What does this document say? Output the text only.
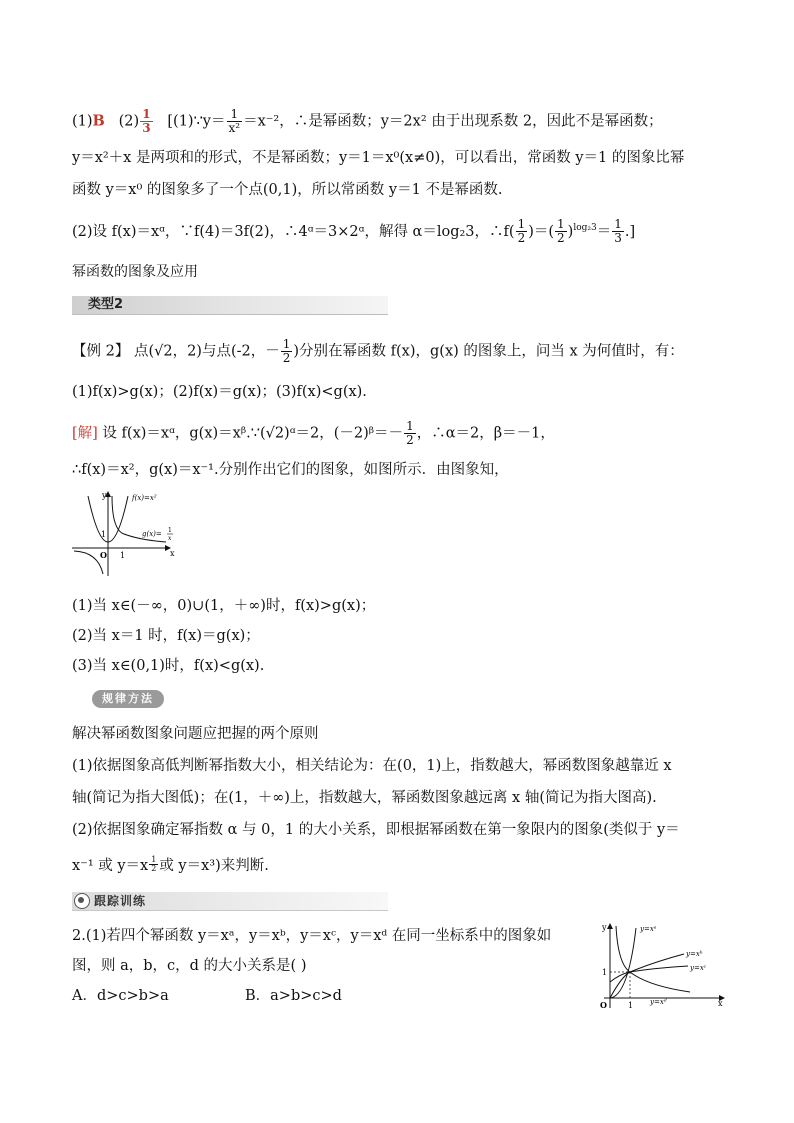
(1)B $(2) \frac{1}{3}$ [(1)∵y＝ $\frac{1}{\text{x²}} =x^{-2}$，∴是幂函数；y＝2x² 由于出现系数 2，因此不是幂函数；
y＝x²＋x 是两项和的形式，不是幂函数；y＝1＝x⁰(x≠0)，可以看出，常函数 y＝1 的图象比幂
函数 y＝x⁰ 的图象多了一个点(0,1)，所以常函数 y＝1 不是幂函数.
(2)设 f(x)＝xᵅ，∵f(4)＝3f(2)，∴4ᵅ＝3×2ᵅ，解得 α＝log₂3，∴f( $\frac{1}{2}$ )＝( $\frac{1}{2} )^{log_23}= \frac{1}{3}$ .]
幂函数的图象及应用
类型2
【例 2】 点(√2，2)与点(-2，－ $\frac{1}{2}$ )分别在幂函数 f(x)，g(x) 的图象上，问当 x 为何值时，有：
(1)f(x)>g(x)；(2)f(x)＝g(x)；(3)f(x)<g(x).
[解] 设 f(x)＝xᵅ，g(x)＝xᵝ.∵(√2)ᵅ＝2，(－2)ᵝ＝－ $\frac{1}{2}$ ，∴α＝2，β＝－1，
∴f(x)＝x²，g(x)＝x⁻¹.分别作出它们的图象，如图所示．由图象知，
y
x
O 1
1
f(x)=x²
g(x)= 1
x
(1)当 x∈(－∞，0)∪(1，＋∞)时，f(x)>g(x)；
(2)当 x＝1 时，f(x)＝g(x)；
(3)当 x∈(0,1)时，f(x)<g(x).
规律方法
解决幂函数图象问题应把握的两个原则
(1)依据图象高低判断幂指数大小，相关结论为：在(0，1)上，指数越大，幂函数图象越靠近 x
轴(简记为指大图低)；在(1，＋∞)上，指数越大，幂函数图象越远离 x 轴(简记为指大图高).
(2)依据图象确定幂指数 α 与 0，1 的大小关系，即根据幂函数在第一象限内的图象(类似于 y＝
x⁻¹ 或 $y=x \frac{1}{2}$ 或 y＝x³)来判断.
跟踪训练
2.(1)若四个幂函数 y＝xᵃ，y＝xᵇ，y＝xᶜ，y＝xᵈ 在同一坐标系中的图象如
图，则 a，b，c，d 的大小关系是( )
A．d>c>b>a	B．a>b>c>d
y
x
O	1
1
y=xᵃ
y=xᵇ
y=xᶜ
y=xᵈ
